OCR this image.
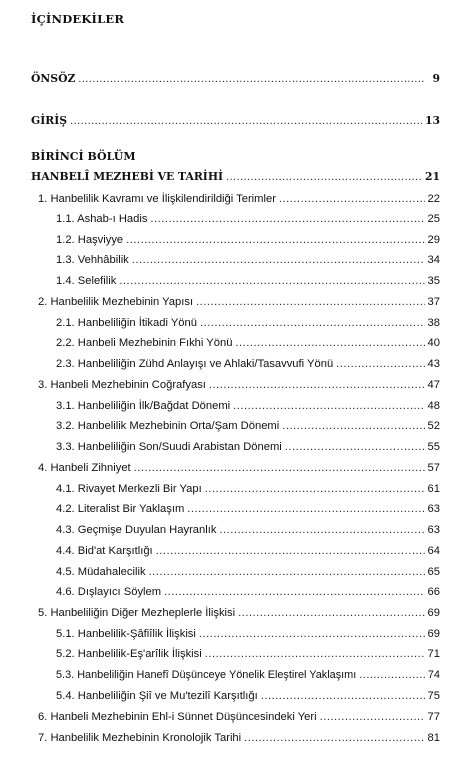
İÇİNDEKİLER
ÖNSÖZ .....	9
GİRİŞ .....	13
BİRİNCİ BÖLÜM
HANBELÎ MEZHEBİ VE TARİHİ .....	21
1. Hanbelilik Kavramı ve İlişkilendirildiği Terimler .....	22
1.1. Ashab-ı Hadis .....	25
1.2. Haşviyye .....	29
1.3. Vehhâbilik .....	34
1.4. Selefilik .....	35
2. Hanbelilik Mezhebinin Yapısı .....	37
2.1. Hanbeliliğin İtikadi Yönü .....	38
2.2. Hanbeli Mezhebinin Fıkhi Yönü .....	40
2.3. Hanbeliliğin Zühd Anlayışı ve Ahlaki/Tasavvufi Yönü .....	43
3. Hanbeli Mezhebinin Coğrafyası .....	47
3.1. Hanbeliliğin İlk/Bağdat Dönemi .....	48
3.2. Hanbelilik Mezhebinin Orta/Şam Dönemi .....	52
3.3. Hanbeliliğin Son/Suudi Arabistan Dönemi .....	55
4. Hanbeli Zihniyet .....	57
4.1. Rivayet Merkezli Bir Yapı .....	61
4.2. Literalist Bir Yaklaşım .....	63
4.3. Geçmişe Duyulan Hayranlık .....	63
4.4. Bid'at Karşıtlığı .....	64
4.5. Müdahalecilik .....	65
4.6. Dışlayıcı Söylem .....	66
5. Hanbeliliğin Diğer Mezheplerle İlişkisi .....	69
5.1. Hanbelilik-Şâfiîlik İlişkisi .....	69
5.2. Hanbelilik-Eş'arîlik İlişkisi .....	71
5.3. Hanbeliliğin Hanefî Düşünceye Yönelik Eleştirel Yaklaşımı .....	74
5.4. Hanbeliliğin Şiî ve Mu'tezilî Karşıtlığı .....	75
6. Hanbeli Mezhebinin Ehl-i Sünnet Düşüncesindeki Yeri .....	77
7. Hanbelilik Mezhebinin Kronolojik Tarihi .....	81
